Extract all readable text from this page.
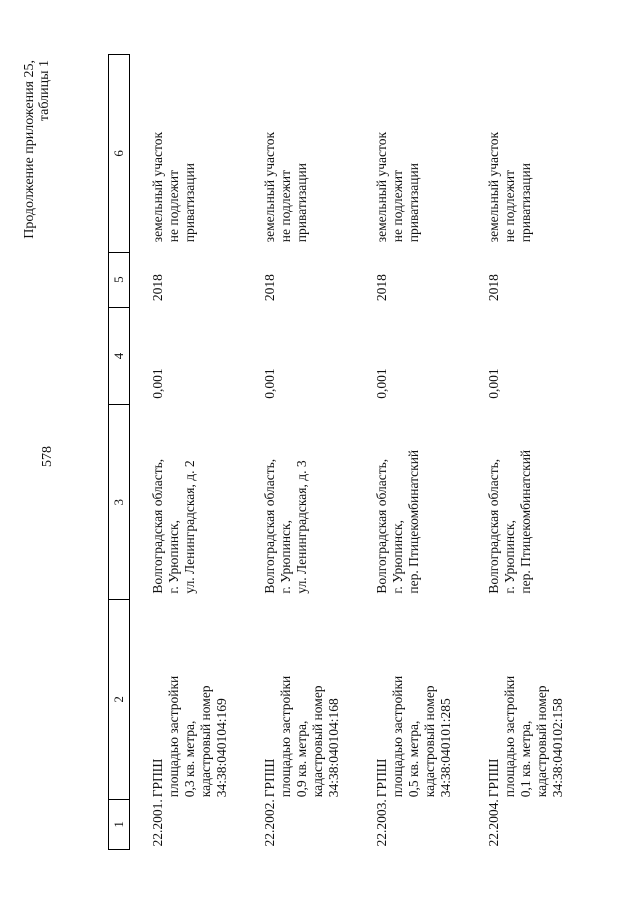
578
Продолжение приложения 25, таблицы 1
1	2	3	4	5	6
22.2001.	ГРПШ площадью застройки 0,3 кв. метра, кадастровый номер 34:38:040104:169	Волгоградская область, г. Урюпинск, ул. Ленинградская, д. 2	0,001	2018	земельный участок не подлежит приватизации

22.2002.	ГРПШ площадью застройки 0,9 кв. метра, кадастровый номер 34:38:040104:168	Волгоградская область, г. Урюпинск, ул. Ленинградская, д. 3	0,001	2018	земельный участок не подлежит приватизации

22.2003.	ГРПШ площадью застройки 0,5 кв. метра, кадастровый номер 34:38:040101:285	Волгоградская область, г. Урюпинск, пер. Птицекомбинатский	0,001	2018	земельный участок не подлежит приватизации

22.2004.	ГРПШ площадью застройки 0,1 кв. метра, кадастровый номер 34:38:040102:158	Волгоградская область, г. Урюпинск, пер. Птицекомбинатский	0,001	2018	земельный участок не подлежит приватизации
